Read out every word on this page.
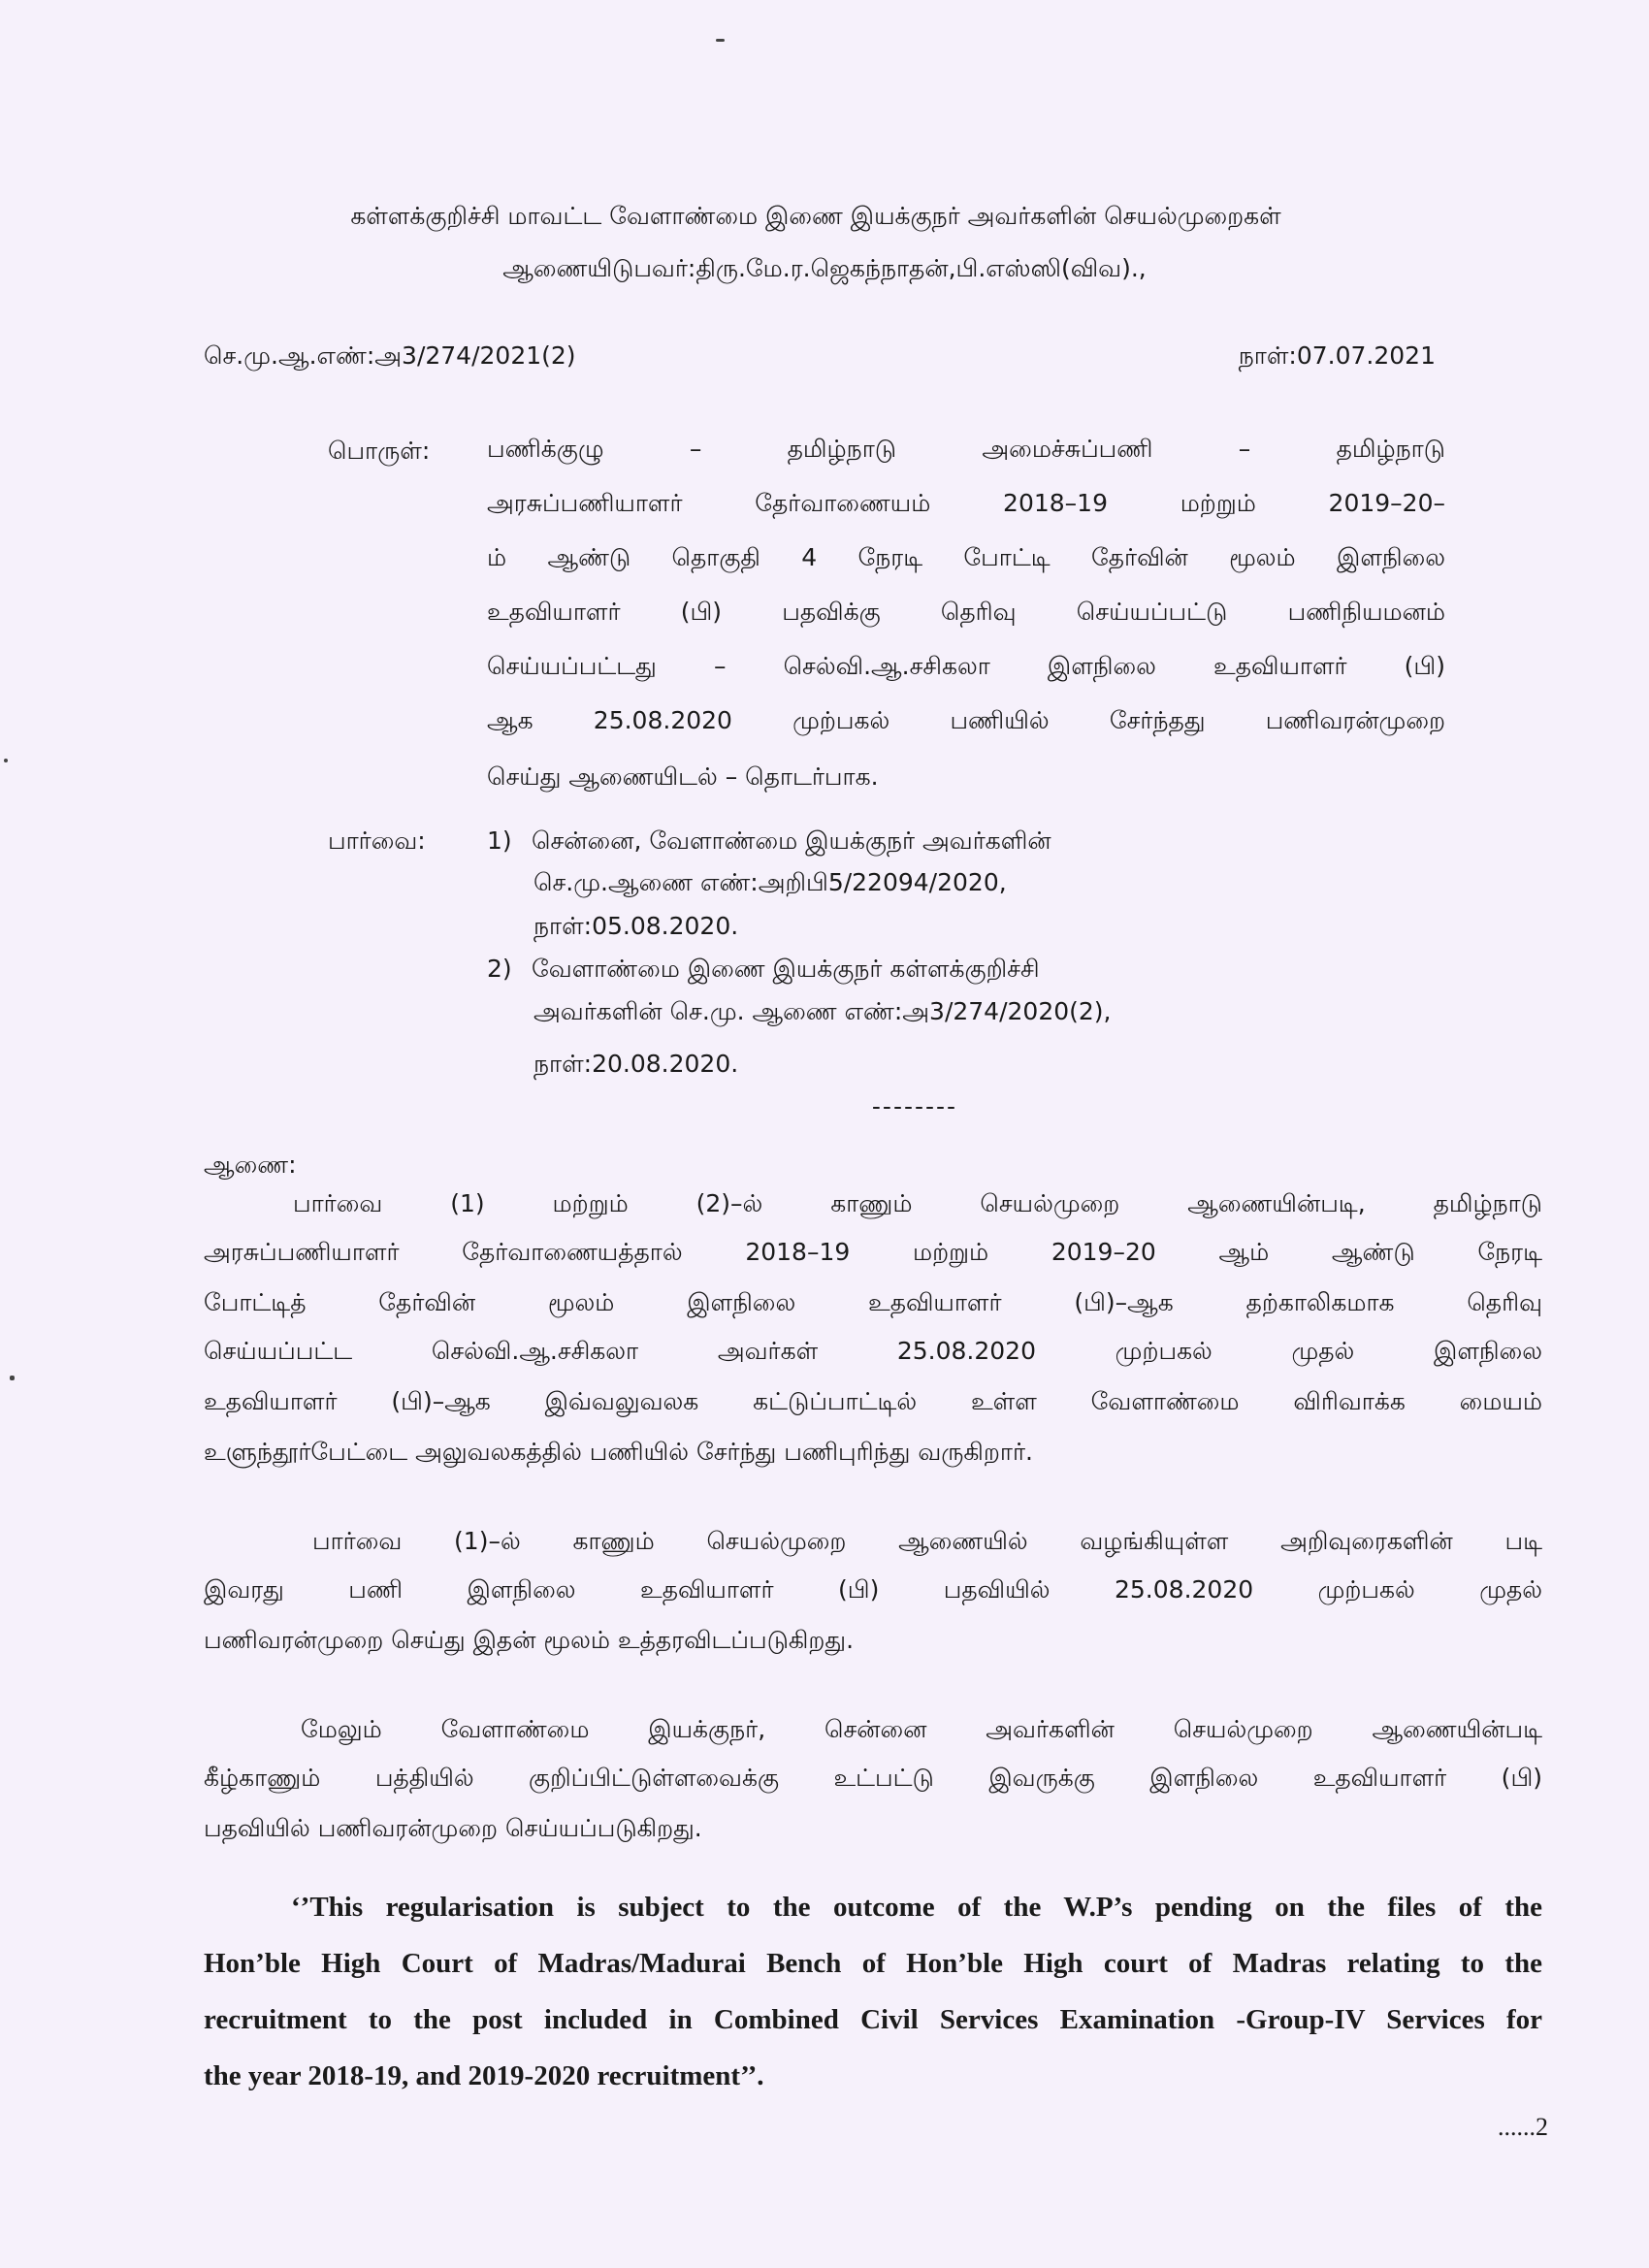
கள்ளக்குறிச்சி மாவட்ட வேளாண்மை இணை இயக்குநர் அவர்களின் செயல்முறைகள்
ஆணையிடுபவர்:திரு.மே.ர.ஜெகந்நாதன்,பி.எஸ்ஸி(விவ).,
செ.மு.ஆ.எண்:அ3/274/2021(2)	நாள்:07.07.2021
பொருள்: பணிக்குழு – தமிழ்நாடு அமைச்சுப்பணி – தமிழ்நாடு
அரசுப்பணியாளர் தேர்வாணையம் 2018–19 மற்றும் 2019–20–
ம் ஆண்டு தொகுதி 4 நேரடி போட்டி தேர்வின் மூலம் இளநிலை
உதவியாளர் (பி) பதவிக்கு தெரிவு செய்யப்பட்டு பணிநியமனம்
செய்யப்பட்டது – செல்வி.ஆ.சசிகலா இளநிலை உதவியாளர் (பி)
ஆக 25.08.2020 முற்பகல் பணியில் சேர்ந்தது பணிவரன்முறை
செய்து ஆணையிடல் – தொடர்பாக.
பார்வை:	1) சென்னை, வேளாண்மை இயக்குநர் அவர்களின்
செ.மு.ஆணை எண்:அறிபி5/22094/2020,
நாள்:05.08.2020.
2) வேளாண்மை இணை இயக்குநர் கள்ளக்குறிச்சி
அவர்களின் செ.மு. ஆணை எண்:அ3/274/2020(2),
நாள்:20.08.2020.
--------
ஆணை:
பார்வை (1) மற்றும் (2)–ல் காணும் செயல்முறை ஆணையின்படி, தமிழ்நாடு
அரசுப்பணியாளர் தேர்வாணையத்தால் 2018–19 மற்றும் 2019–20 ஆம் ஆண்டு நேரடி
போட்டித் தேர்வின் மூலம் இளநிலை உதவியாளர் (பி)–ஆக தற்காலிகமாக தெரிவு
செய்யப்பட்ட செல்வி.ஆ.சசிகலா அவர்கள் 25.08.2020 முற்பகல் முதல் இளநிலை
உதவியாளர் (பி)–ஆக இவ்வலுவலக கட்டுப்பாட்டில் உள்ள வேளாண்மை விரிவாக்க மையம்
உளுந்தூர்பேட்டை அலுவலகத்தில் பணியில் சேர்ந்து பணிபுரிந்து வருகிறார்.
பார்வை (1)–ல் காணும் செயல்முறை ஆணையில் வழங்கியுள்ள அறிவுரைகளின் படி
இவரது பணி இளநிலை உதவியாளர் (பி) பதவியில் 25.08.2020 முற்பகல் முதல்
பணிவரன்முறை செய்து இதன் மூலம் உத்தரவிடப்படுகிறது.
மேலும் வேளாண்மை இயக்குநர், சென்னை அவர்களின் செயல்முறை ஆணையின்படி
கீழ்காணும் பத்தியில் குறிப்பிட்டுள்ளவைக்கு உட்பட்டு இவருக்கு இளநிலை உதவியாளர் (பி)
பதவியில் பணிவரன்முறை செய்யப்படுகிறது.
‘’This regularisation is subject to the outcome of the W.P’s pending on the files of the
Hon’ble High Court of Madras/Madurai Bench of Hon’ble High court of Madras relating to the
recruitment to the post included in Combined Civil Services Examination -Group-IV Services for
the year 2018-19, and 2019-2020 recruitment’’.
......2
